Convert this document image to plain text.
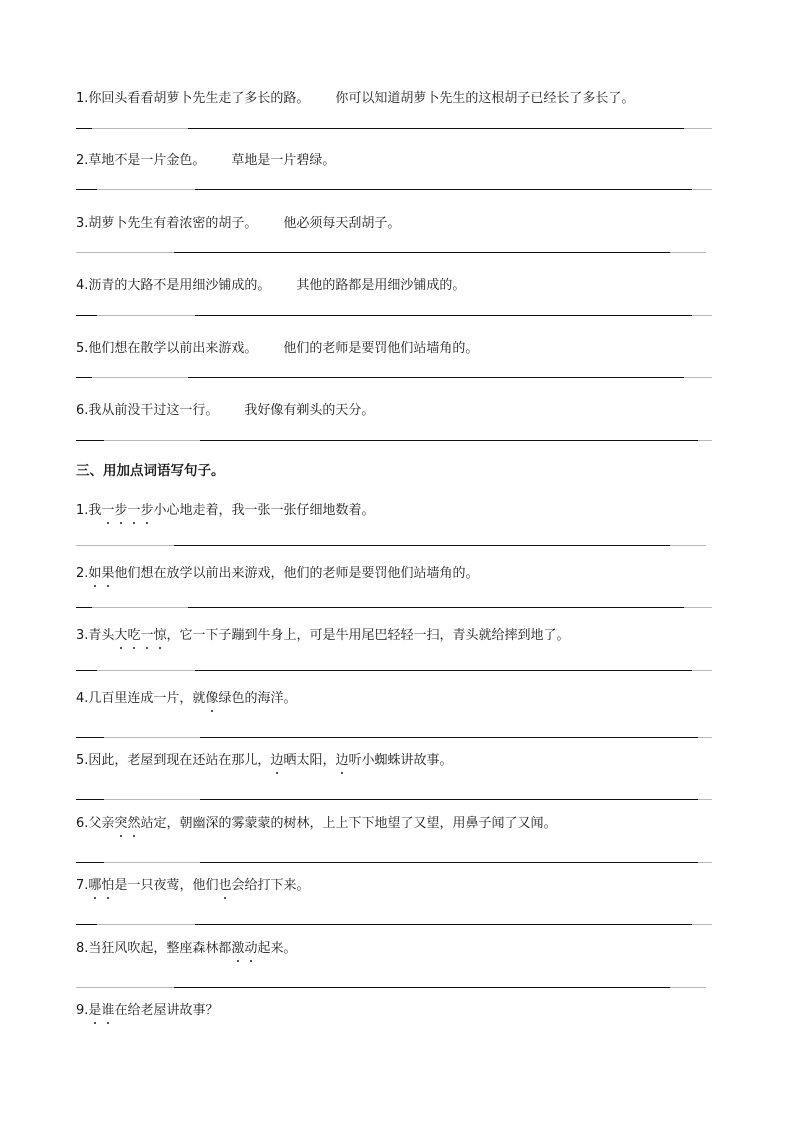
1.你回头看看胡萝卜先生走了多长的路。 你可以知道胡萝卜先生的这根胡子已经长了多长了。
2.草地不是一片金色。 草地是一片碧绿。
3.胡萝卜先生有着浓密的胡子。 他必须每天刮胡子。
4.沥青的大路不是用细沙铺成的。 其他的路都是用细沙铺成的。
5.他们想在散学以前出来游戏。 他们的老师是要罚他们站墙角的。
6.我从前没干过这一行。 我好像有剃头的天分。
三、用加点词语写句子。
1.我一步一步小心地走着，我一张一张仔细地数着。
2.如果他们想在放学以前出来游戏，他们的老师是要罚他们站墙角的。
3.青头大吃一惊，它一下子蹦到牛身上，可是牛用尾巴轻轻一扫，青头就给摔到地了。
4.几百里连成一片，就像绿色的海洋。
5.因此，老屋到现在还站在那儿，边晒太阳，边听小蜘蛛讲故事。
6.父亲突然站定，朝幽深的雾蒙蒙的树林，上上下下地望了又望，用鼻子闻了又闻。
7.哪怕是一只夜莺，他们也会给打下来。
8.当狂风吹起，整座森林都激动起来。
9.是谁在给老屋讲故事？
